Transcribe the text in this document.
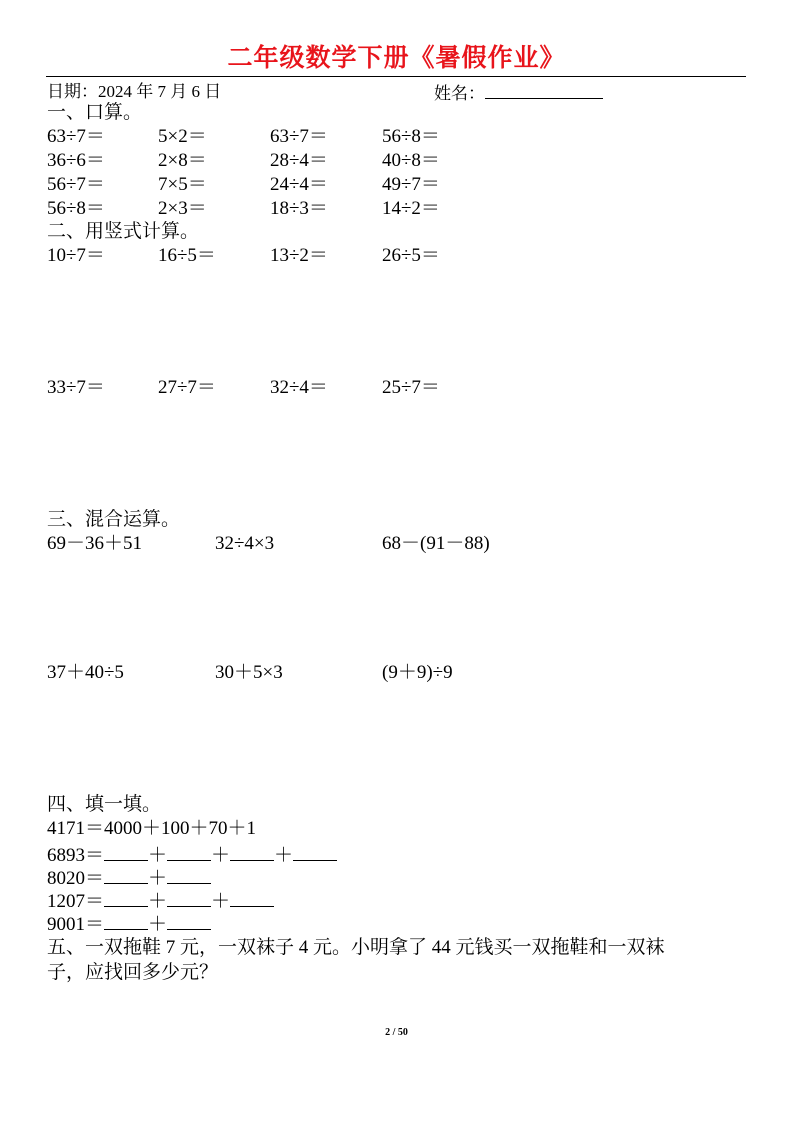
二年级数学下册《暑假作业》
日期：2024 年 7 月 6 日	姓名：
一、口算。
63÷7＝	5×2＝	63÷7＝	56÷8＝
36÷6＝	2×8＝	28÷4＝	40÷8＝
56÷7＝	7×5＝	24÷4＝	49÷7＝
56÷8＝	2×3＝	18÷3＝	14÷2＝
二、用竖式计算。
10÷7＝	16÷5＝	13÷2＝	26÷5＝
33÷7＝	27÷7＝	32÷4＝	25÷7＝
三、混合运算。
69－36＋51	32÷4×3	68－(91－88)
37＋40÷5	30＋5×3	(9＋9)÷9
四、填一填。
4171＝4000＋100＋70＋1
6893＝ ＋ ＋ ＋
8020＝ ＋
1207＝ ＋ ＋
9001＝ ＋
五、一双拖鞋 7 元，一双袜子 4 元。小明拿了 44 元钱买一双拖鞋和一双袜
子，应找回多少元？
2 / 50
